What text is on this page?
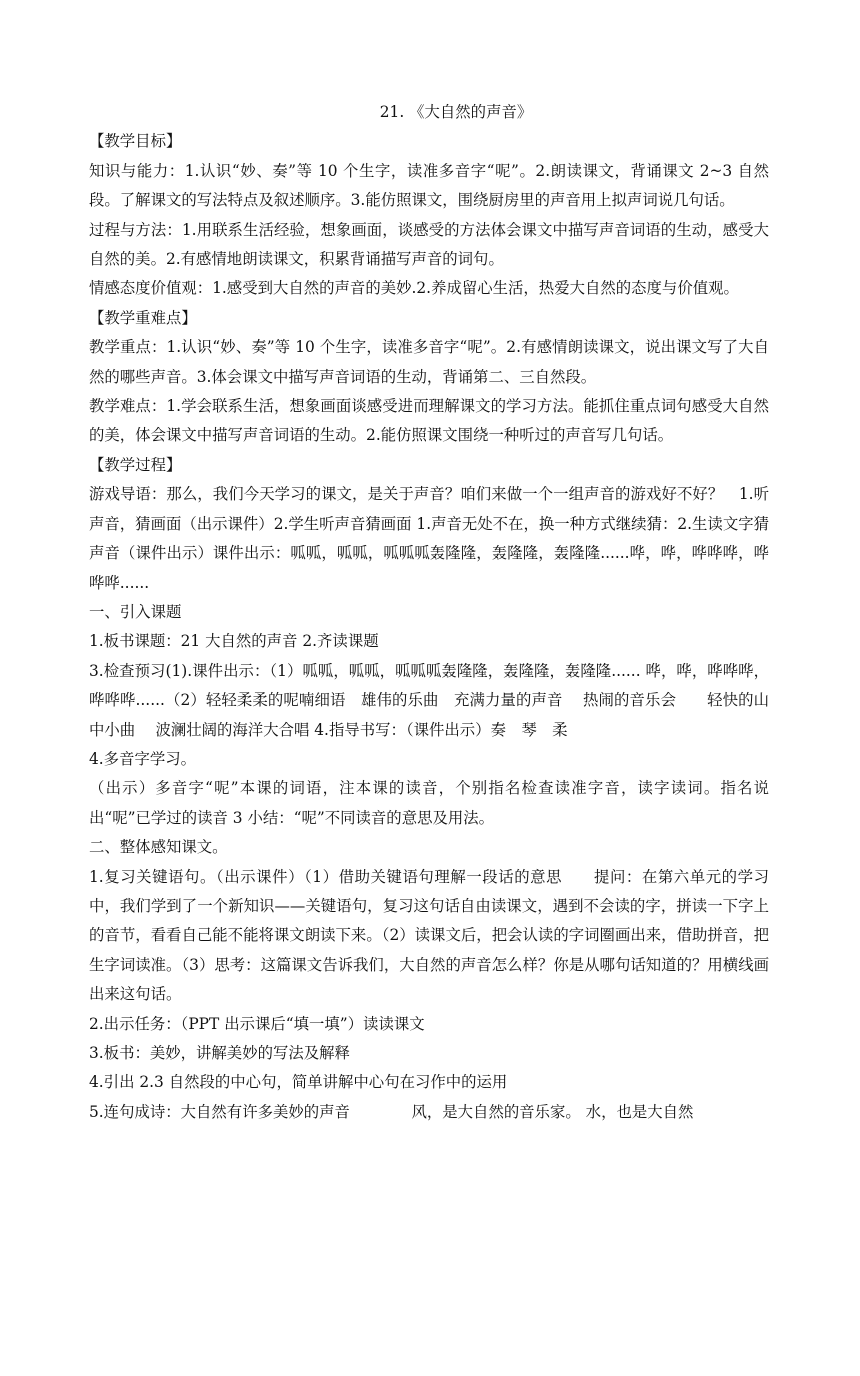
21. 《大自然的声音》

【教学目标】

知识与能力：1.认识“妙、奏”等 10 个生字，读准多音字“呢”。2.朗读课文，背诵课文 2~3 自然段。了解课文的写法特点及叙述顺序。3.能仿照课文，围绕厨房里的声音用上拟声词说几句话。

过程与方法：1.用联系生活经验，想象画面，谈感受的方法体会课文中描写声音词语的生动，感受大自然的美。2.有感情地朗读课文，积累背诵描写声音的词句。

情感态度价值观：1.感受到大自然的声音的美妙.2.养成留心生活，热爱大自然的态度与价值观。

【教学重难点】

教学重点：1.认识“妙、奏”等 10 个生字，读准多音字“呢”。2.有感情朗读课文，说出课文写了大自然的哪些声音。3.体会课文中描写声音词语的生动，背诵第二、三自然段。

教学难点：1.学会联系生活，想象画面谈感受进而理解课文的学习方法。能抓住重点词句感受大自然的美，体会课文中描写声音词语的生动。2.能仿照课文围绕一种听过的声音写几句话。

【教学过程】

游戏导语：那么，我们今天学习的课文，是关于声音？咱们来做一个一组声音的游戏好不好？　1.听声音，猜画面（出示课件）2.学生听声音猜画面 1.声音无处不在，换一种方式继续猜：2.生读文字猜声音（课件出示）课件出示：呱呱，呱呱，呱呱呱轰隆隆，轰隆隆，轰隆隆......哗，哗，哗哗哗，哗哗哗......

一、引入课题

1.板书课题：21 大自然的声音 2.齐读课题

3.检查预习(1).课件出示：（1）呱呱，呱呱，呱呱呱轰隆隆，轰隆隆，轰隆隆...... 哗，哗，哗哗哗，哗哗哗......（2）轻轻柔柔的呢喃细语　雄伟的乐曲　充满力量的声音　 热闹的音乐会　　轻快的山中小曲　 波澜壮阔的海洋大合唱 4.指导书写：（课件出示）奏　琴　柔

4.多音字学习。

（出示）多音字“呢”本课的词语，注本课的读音，个别指名检查读准字音，读字读词。指名说出“呢”已学过的读音 3 小结：“呢”不同读音的意思及用法。

二、整体感知课文。

1.复习关键语句。（出示课件）（1）借助关键语句理解一段话的意思　　提问：在第六单元的学习中，我们学到了一个新知识——关键语句，复习这句话自由读课文，遇到不会读的字，拼读一下字上的音节，看看自己能不能将课文朗读下来。（2）读课文后，把会认读的字词圈画出来，借助拼音，把生字词读准。（3）思考：这篇课文告诉我们，大自然的声音怎么样？你是从哪句话知道的？用横线画出来这句话。

2.出示任务：（PPT 出示课后“填一填”）读读课文

3.板书：美妙，讲解美妙的写法及解释

4.引出 2.3 自然段的中心句，简单讲解中心句在习作中的运用

5.连句成诗：大自然有许多美妙的声音　　　　风，是大自然的音乐家。 水，也是大自然
